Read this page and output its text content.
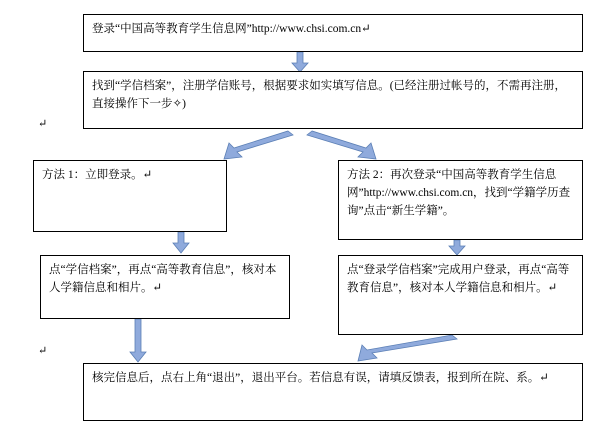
登录“中国高等教育学生信息网”http://www.chsi.com.cn↵
找到“学信档案”，注册学信账号，根据要求如实填写信息。(已经注册过帐号的，不需再注册，直接操作下一步✧)
方法 1：立即登录。↵	方法 2：再次登录“中国高等教育学生信息网”http://www.chsi.com.cn，找到“学籍学历查询”点击“新生学籍”。
点“学信档案”，再点“高等教育信息”，核对本人学籍信息和相片。↵
点“登录学信档案”完成用户登录，再点“高等教育信息”，核对本人学籍信息和相片。↵
核完信息后，点右上角“退出”，退出平台。若信息有误，请填反馈表，报到所在院、系。↵
↵
↵
